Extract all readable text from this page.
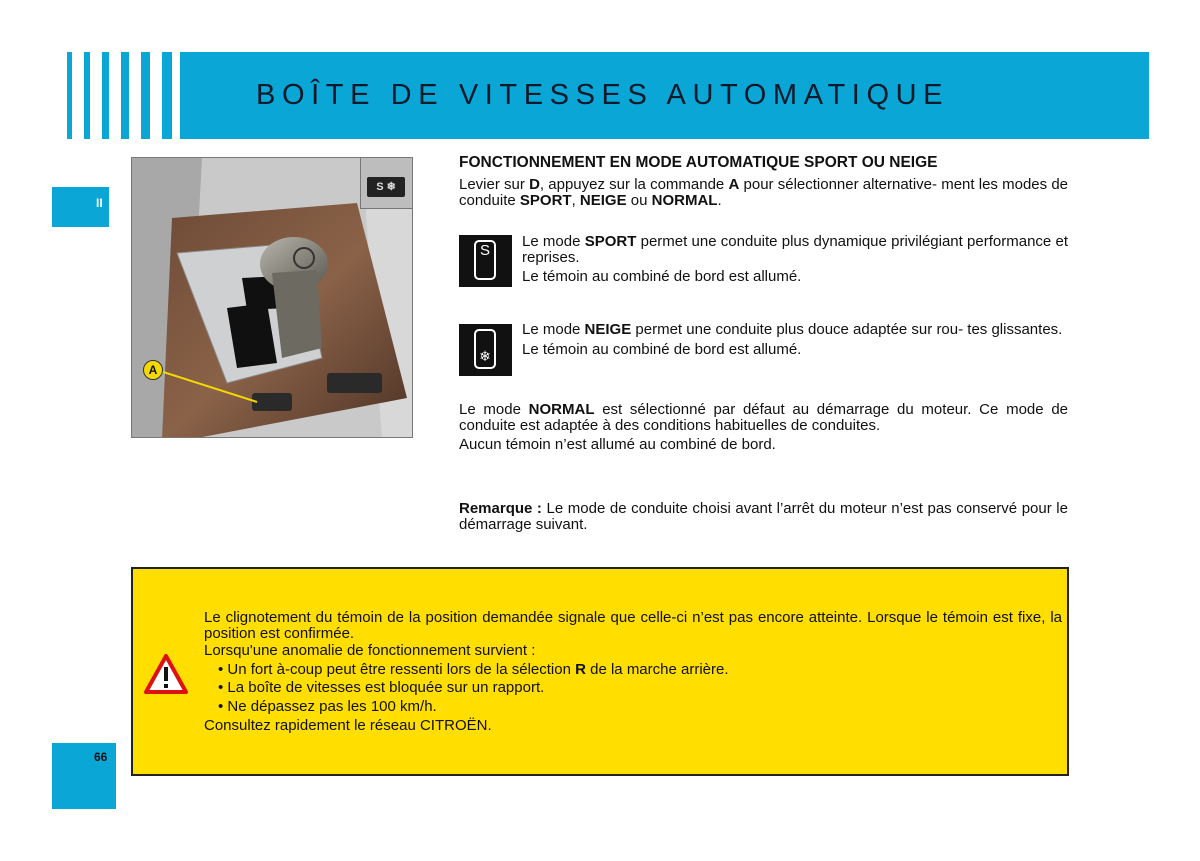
BOÎTE DE VITESSES AUTOMATIQUE
II
66
A
S ❄
FONCTIONNEMENT EN MODE AUTOMATIQUE SPORT OU NEIGE

Levier sur D, appuyez sur la commande A pour sélectionner alternative- ment les modes de conduite SPORT, NEIGE ou NORMAL.

S

Le mode SPORT permet une conduite plus dynamique privilégiant performance et reprises.

Le témoin au combiné de bord est allumé.

❄

Le mode NEIGE permet une conduite plus douce adaptée sur rou- tes glissantes.

Le témoin au combiné de bord est allumé.

Le mode NORMAL est sélectionné par défaut au démarrage du moteur. Ce mode de conduite est adaptée à des conditions habituelles de conduites.

Aucun témoin n’est allumé au combiné de bord.

Remarque : Le mode de conduite choisi avant l’arrêt du moteur n’est pas conservé pour le démarrage suivant.

Le clignotement du témoin de la position demandée signale que celle-ci n’est pas encore atteinte. Lorsque le témoin est fixe, la position est confirmée.

Lorsqu'une anomalie de fonctionnement survient :

• Un fort à-coup peut être ressenti lors de la sélection R de la marche arrière.
• La boîte de vitesses est bloquée sur un rapport.
• Ne dépassez pas les 100 km/h.

Consultez rapidement le réseau CITROËN.
